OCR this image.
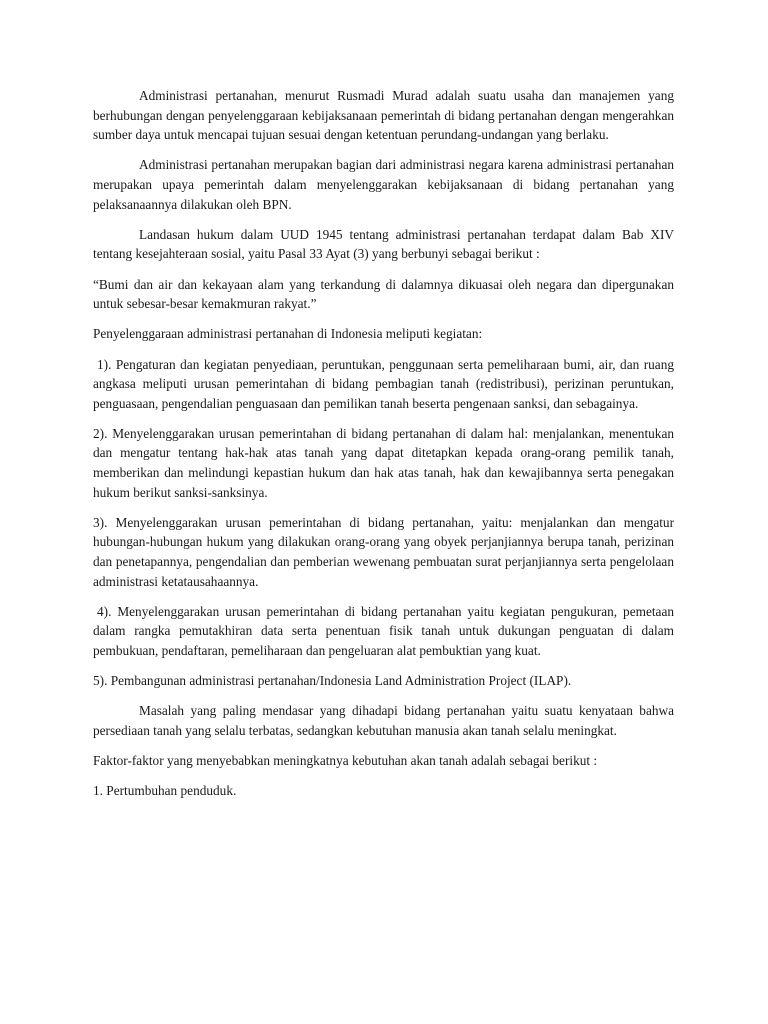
Administrasi pertanahan, menurut Rusmadi Murad adalah suatu usaha dan manajemen yang berhubungan dengan penyelenggaraan kebijaksanaan pemerintah di bidang pertanahan dengan mengerahkan sumber daya untuk mencapai tujuan sesuai dengan ketentuan perundang-undangan yang berlaku.

Administrasi pertanahan merupakan bagian dari administrasi negara karena administrasi pertanahan merupakan upaya pemerintah dalam menyelenggarakan kebijaksanaan di bidang pertanahan yang pelaksanaannya dilakukan oleh BPN.

Landasan hukum dalam UUD 1945 tentang administrasi pertanahan terdapat dalam Bab XIV tentang kesejahteraan sosial, yaitu Pasal 33 Ayat (3) yang berbunyi sebagai berikut :

“Bumi dan air dan kekayaan alam yang terkandung di dalamnya dikuasai oleh negara dan dipergunakan untuk sebesar-besar kemakmuran rakyat.”

Penyelenggaraan administrasi pertanahan di Indonesia meliputi kegiatan:

1). Pengaturan dan kegiatan penyediaan, peruntukan, penggunaan serta pemeliharaan bumi, air, dan ruang angkasa meliputi urusan pemerintahan di bidang pembagian tanah (redistribusi), perizinan peruntukan, penguasaan, pengendalian penguasaan dan pemilikan tanah beserta pengenaan sanksi, dan sebagainya.

2). Menyelenggarakan urusan pemerintahan di bidang pertanahan di dalam hal: menjalankan, menentukan dan mengatur tentang hak-hak atas tanah yang dapat ditetapkan kepada orang-orang pemilik tanah, memberikan dan melindungi kepastian hukum dan hak atas tanah, hak dan kewajibannya serta penegakan hukum berikut sanksi-sanksinya.

3). Menyelenggarakan urusan pemerintahan di bidang pertanahan, yaitu: menjalankan dan mengatur hubungan-hubungan hukum yang dilakukan orang-orang yang obyek perjanjiannya berupa tanah, perizinan dan penetapannya, pengendalian dan pemberian wewenang pembuatan surat perjanjiannya serta pengelolaan administrasi ketatausahaannya.

4). Menyelenggarakan urusan pemerintahan di bidang pertanahan yaitu kegiatan pengukuran, pemetaan dalam rangka pemutakhiran data serta penentuan fisik tanah untuk dukungan penguatan di dalam pembukuan, pendaftaran, pemeliharaan dan pengeluaran alat pembuktian yang kuat.

5). Pembangunan administrasi pertanahan/Indonesia Land Administration Project (ILAP).

Masalah yang paling mendasar yang dihadapi bidang pertanahan yaitu suatu kenyataan bahwa persediaan tanah yang selalu terbatas, sedangkan kebutuhan manusia akan tanah selalu meningkat.

Faktor-faktor yang menyebabkan meningkatnya kebutuhan akan tanah adalah sebagai berikut :

1. Pertumbuhan penduduk.
